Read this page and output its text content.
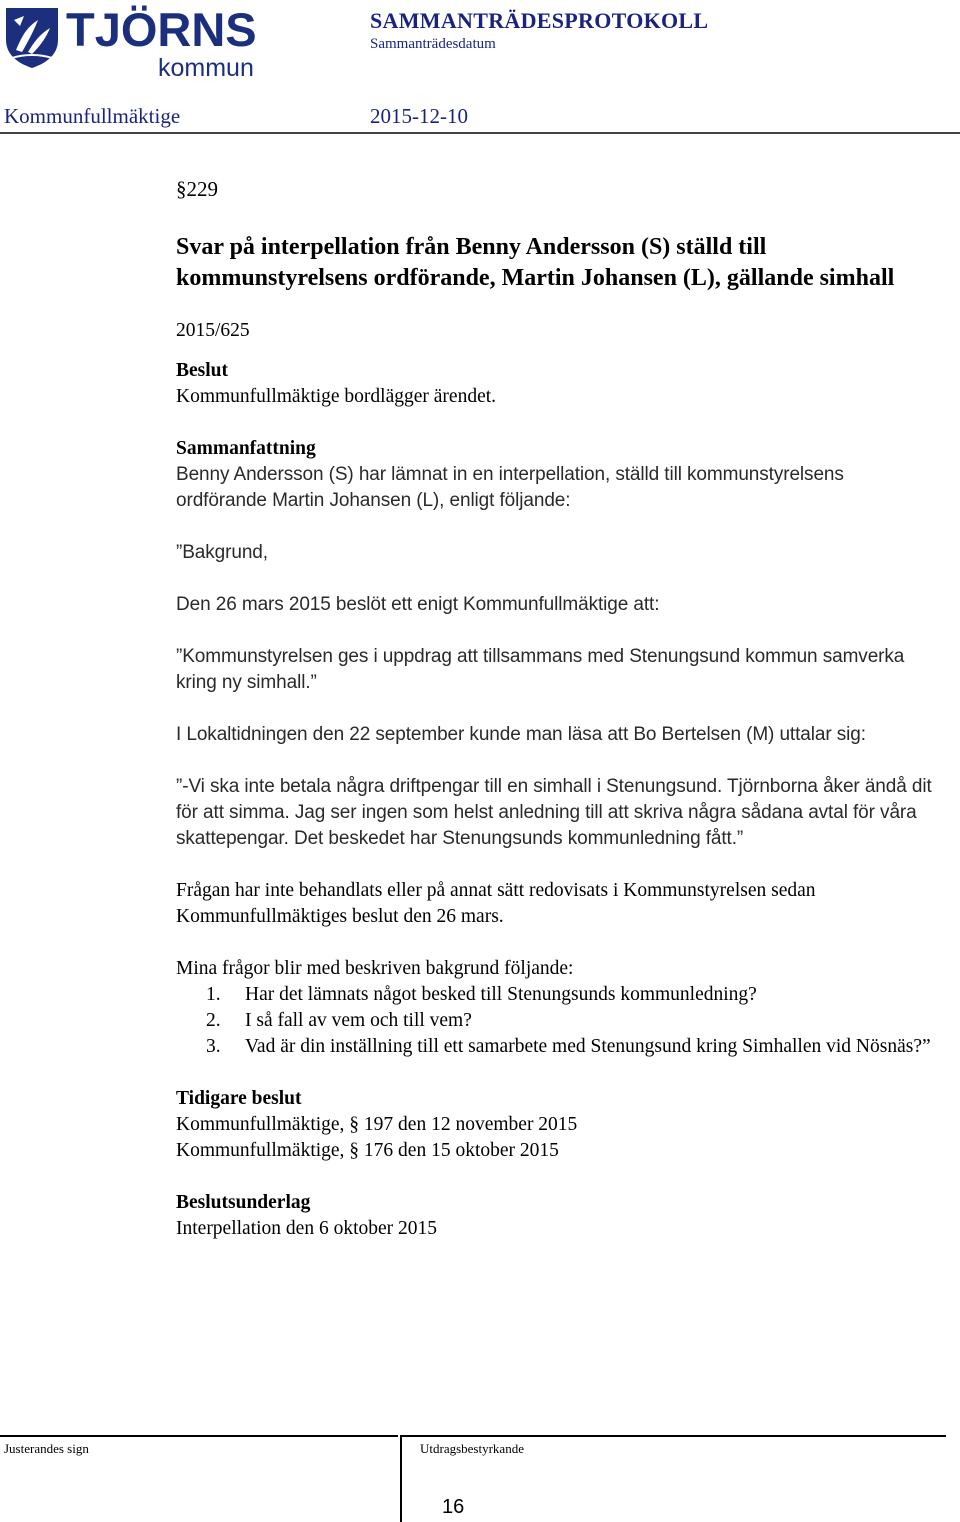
TJÖRNS
kommun
SAMMANTRÄDESPROTOKOLL
Sammanträdesdatum
Kommunfullmäktige	2015-12-10

§229

Svar på interpellation från Benny Andersson (S) ställd till kommunstyrelsens ordförande, Martin Johansen (L), gällande simhall

2015/625

Beslut

Kommunfullmäktige bordlägger ärendet.

Sammanfattning

Benny Andersson (S) har lämnat in en interpellation, ställd till kommunstyrelsens ordförande Martin Johansen (L), enligt följande:

”Bakgrund,

Den 26 mars 2015 beslöt ett enigt Kommunfullmäktige att:

”Kommunstyrelsen ges i uppdrag att tillsammans med Stenungsund kommun samverka kring ny simhall.”

I Lokaltidningen den 22 september kunde man läsa att Bo Bertelsen (M) uttalar sig:

”-Vi ska inte betala några driftpengar till en simhall i Stenungsund. Tjörnborna åker ändå dit för att simma. Jag ser ingen som helst anledning till att skriva några sådana avtal för våra skattepengar. Det beskedet har Stenungsunds kommunledning fått.”

Frågan har inte behandlats eller på annat sätt redovisats i Kommunstyrelsen sedan Kommunfullmäktiges beslut den 26 mars.

Mina frågor blir med beskriven bakgrund följande:

1. Har det lämnats något besked till Stenungsunds kommunledning?
2. I så fall av vem och till vem?
3. Vad är din inställning till ett samarbete med Stenungsund kring Simhallen vid Nösnäs?”

Tidigare beslut

Kommunfullmäktige, § 197 den 12 november 2015

Kommunfullmäktige, § 176 den 15 oktober 2015

Beslutsunderlag

Interpellation den 6 oktober 2015

Justerandes sign	Utdragsbestyrkande
16
